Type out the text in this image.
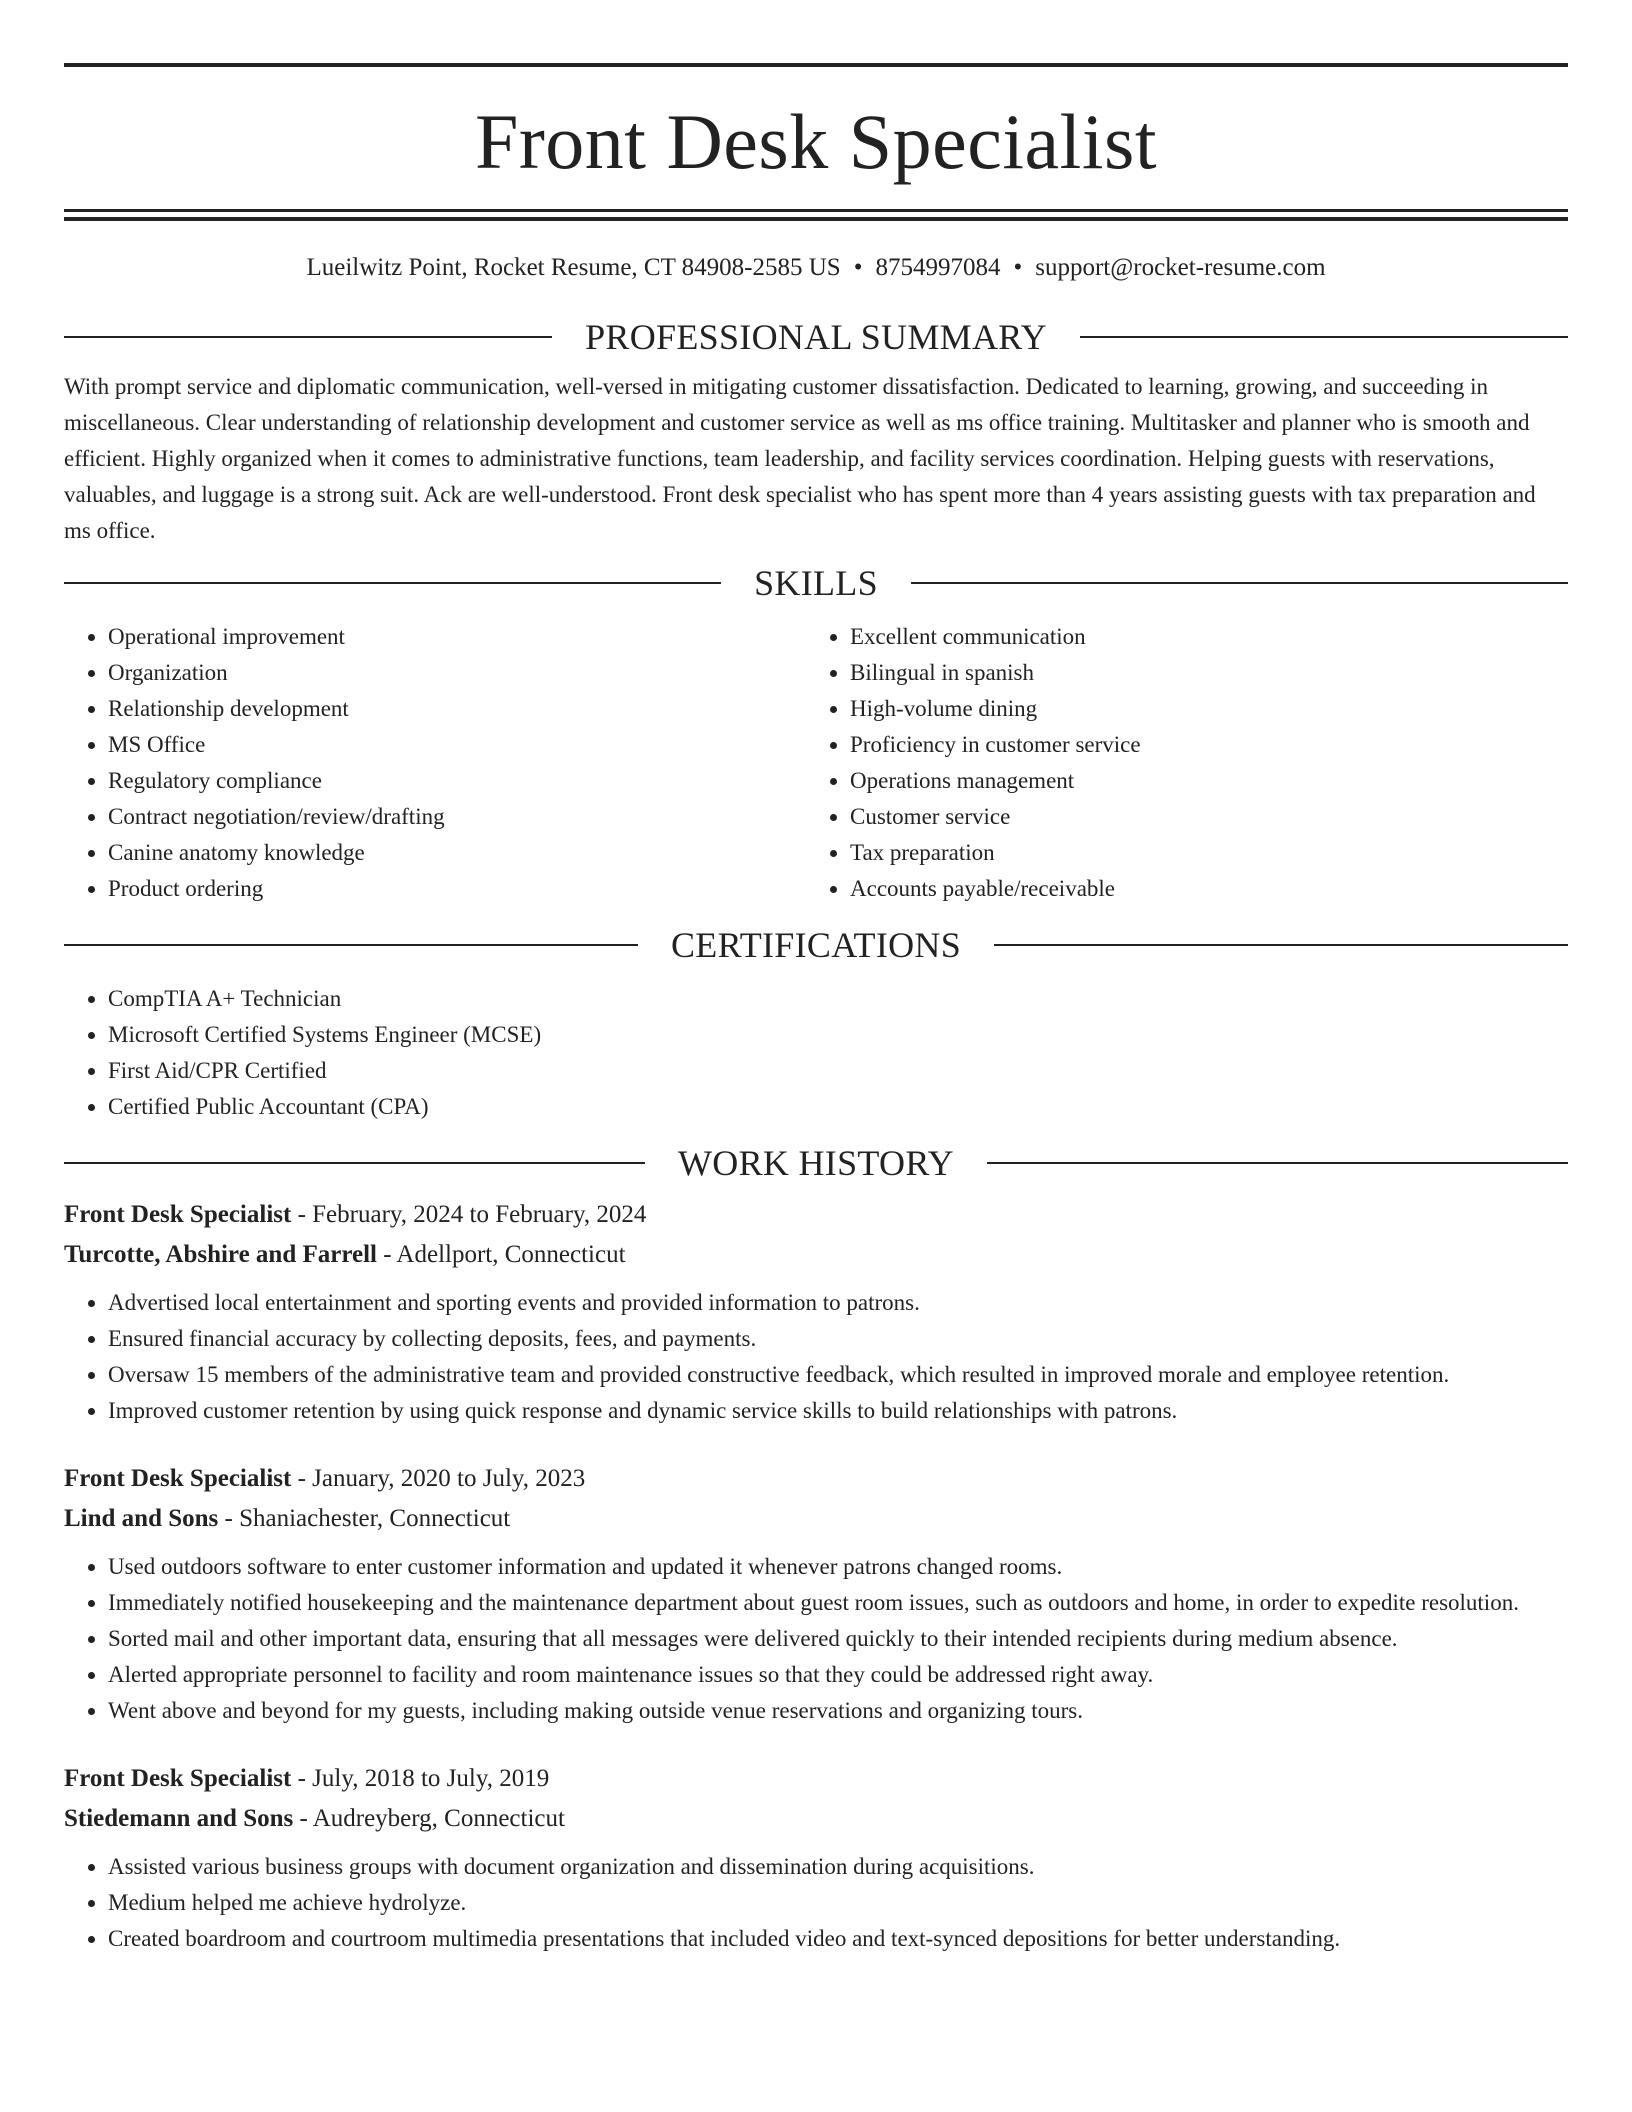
Front Desk Specialist
Lueilwitz Point, Rocket Resume, CT 84908-2585 US • 8754997084 • support@rocket-resume.com
PROFESSIONAL SUMMARY

With prompt service and diplomatic communication, well-versed in mitigating customer dissatisfaction. Dedicated to learning, growing, and succeeding in miscellaneous. Clear understanding of relationship development and customer service as well as ms office training. Multitasker and planner who is smooth and efficient. Highly organized when it comes to administrative functions, team leadership, and facility services coordination. Helping guests with reservations, valuables, and luggage is a strong suit. Ack are well-understood. Front desk specialist who has spent more than 4 years assisting guests with tax preparation and ms office.

SKILLS
• Operational improvement
• Organization
• Relationship development
• MS Office
• Regulatory compliance
• Contract negotiation/review/drafting
• Canine anatomy knowledge
• Product ordering
• Excellent communication
• Bilingual in spanish
• High-volume dining
• Proficiency in customer service
• Operations management
• Customer service
• Tax preparation
• Accounts payable/receivable
CERTIFICATIONS
• CompTIA A+ Technician
• Microsoft Certified Systems Engineer (MCSE)
• First Aid/CPR Certified
• Certified Public Accountant (CPA)
WORK HISTORY
Front Desk Specialist - February, 2024 to February, 2024
Turcotte, Abshire and Farrell - Adellport, Connecticut
• Advertised local entertainment and sporting events and provided information to patrons.
• Ensured financial accuracy by collecting deposits, fees, and payments.
• Oversaw 15 members of the administrative team and provided constructive feedback, which resulted in improved morale and employee retention.
• Improved customer retention by using quick response and dynamic service skills to build relationships with patrons.
Front Desk Specialist - January, 2020 to July, 2023
Lind and Sons - Shaniachester, Connecticut
• Used outdoors software to enter customer information and updated it whenever patrons changed rooms.
• Immediately notified housekeeping and the maintenance department about guest room issues, such as outdoors and home, in order to expedite resolution.
• Sorted mail and other important data, ensuring that all messages were delivered quickly to their intended recipients during medium absence.
• Alerted appropriate personnel to facility and room maintenance issues so that they could be addressed right away.
• Went above and beyond for my guests, including making outside venue reservations and organizing tours.
Front Desk Specialist - July, 2018 to July, 2019
Stiedemann and Sons - Audreyberg, Connecticut
• Assisted various business groups with document organization and dissemination during acquisitions.
• Medium helped me achieve hydrolyze.
• Created boardroom and courtroom multimedia presentations that included video and text-synced depositions for better understanding.
